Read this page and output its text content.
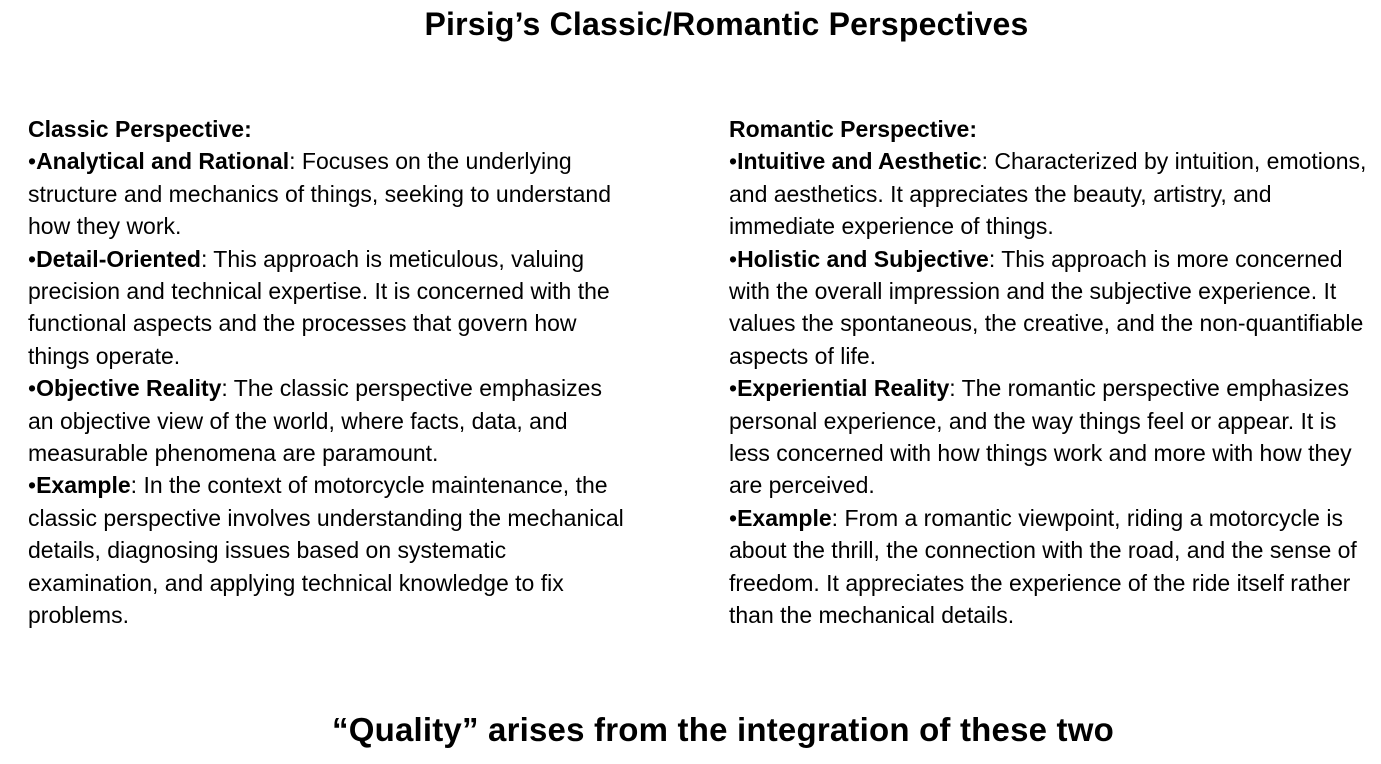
Pirsig’s Classic/Romantic Perspectives

Classic Perspective:

•Analytical and Rational: Focuses on the underlying structure and mechanics of things, seeking to understand how they work.

•Detail-Oriented: This approach is meticulous, valuing precision and technical expertise. It is concerned with the functional aspects and the processes that govern how things operate.

•Objective Reality: The classic perspective emphasizes an objective view of the world, where facts, data, and measurable phenomena are paramount.

•Example: In the context of motorcycle maintenance, the classic perspective involves understanding the mechanical details, diagnosing issues based on systematic examination, and applying technical knowledge to fix problems.

Romantic Perspective:

•Intuitive and Aesthetic: Characterized by intuition, emotions, and aesthetics. It appreciates the beauty, artistry, and immediate experience of things.

•Holistic and Subjective: This approach is more concerned with the overall impression and the subjective experience. It values the spontaneous, the creative, and the non-quantifiable aspects of life.

•Experiential Reality: The romantic perspective emphasizes personal experience, and the way things feel or appear. It is less concerned with how things work and more with how they are perceived.

•Example: From a romantic viewpoint, riding a motorcycle is about the thrill, the connection with the road, and the sense of freedom. It appreciates the experience of the ride itself rather than the mechanical details.

“Quality” arises from the integration of these two
